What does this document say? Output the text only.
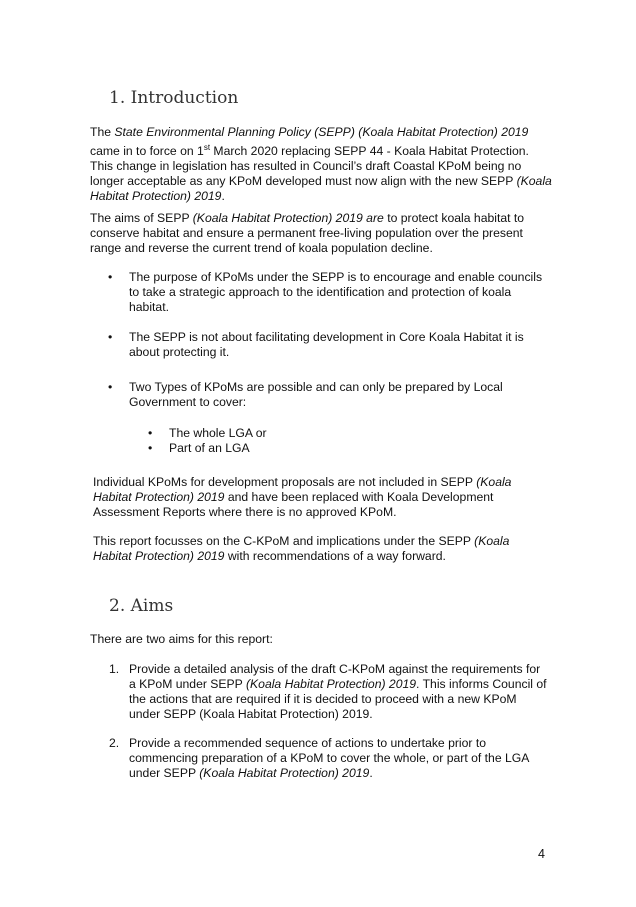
1. Introduction

The State Environmental Planning Policy (SEPP) (Koala Habitat Protection) 2019 came in to force on 1st March 2020 replacing SEPP 44 - Koala Habitat Protection. This change in legislation has resulted in Council’s draft Coastal KPoM being no longer acceptable as any KPoM developed must now align with the new SEPP (Koala Habitat Protection) 2019.

The aims of SEPP (Koala Habitat Protection) 2019 are to protect koala habitat to conserve habitat and ensure a permanent free-living population over the present range and reverse the current trend of koala population decline.

• The purpose of KPoMs under the SEPP is to encourage and enable councils to take a strategic approach to the identification and protection of koala habitat.
• The SEPP is not about facilitating development in Core Koala Habitat it is about protecting it.
• Two Types of KPoMs are possible and can only be prepared by Local Government to cover:
• The whole LGA or
• Part of an LGA

Individual KPoMs for development proposals are not included in SEPP (Koala Habitat Protection) 2019 and have been replaced with Koala Development Assessment Reports where there is no approved KPoM.

This report focusses on the C-KPoM and implications under the SEPP (Koala Habitat Protection) 2019 with recommendations of a way forward.

2. Aims

There are two aims for this report:

1. Provide a detailed analysis of the draft C-KPoM against the requirements for a KPoM under SEPP (Koala Habitat Protection) 2019. This informs Council of the actions that are required if it is decided to proceed with a new KPoM under SEPP (Koala Habitat Protection) 2019.
2. Provide a recommended sequence of actions to undertake prior to commencing preparation of a KPoM to cover the whole, or part of the LGA under SEPP (Koala Habitat Protection) 2019.
4
